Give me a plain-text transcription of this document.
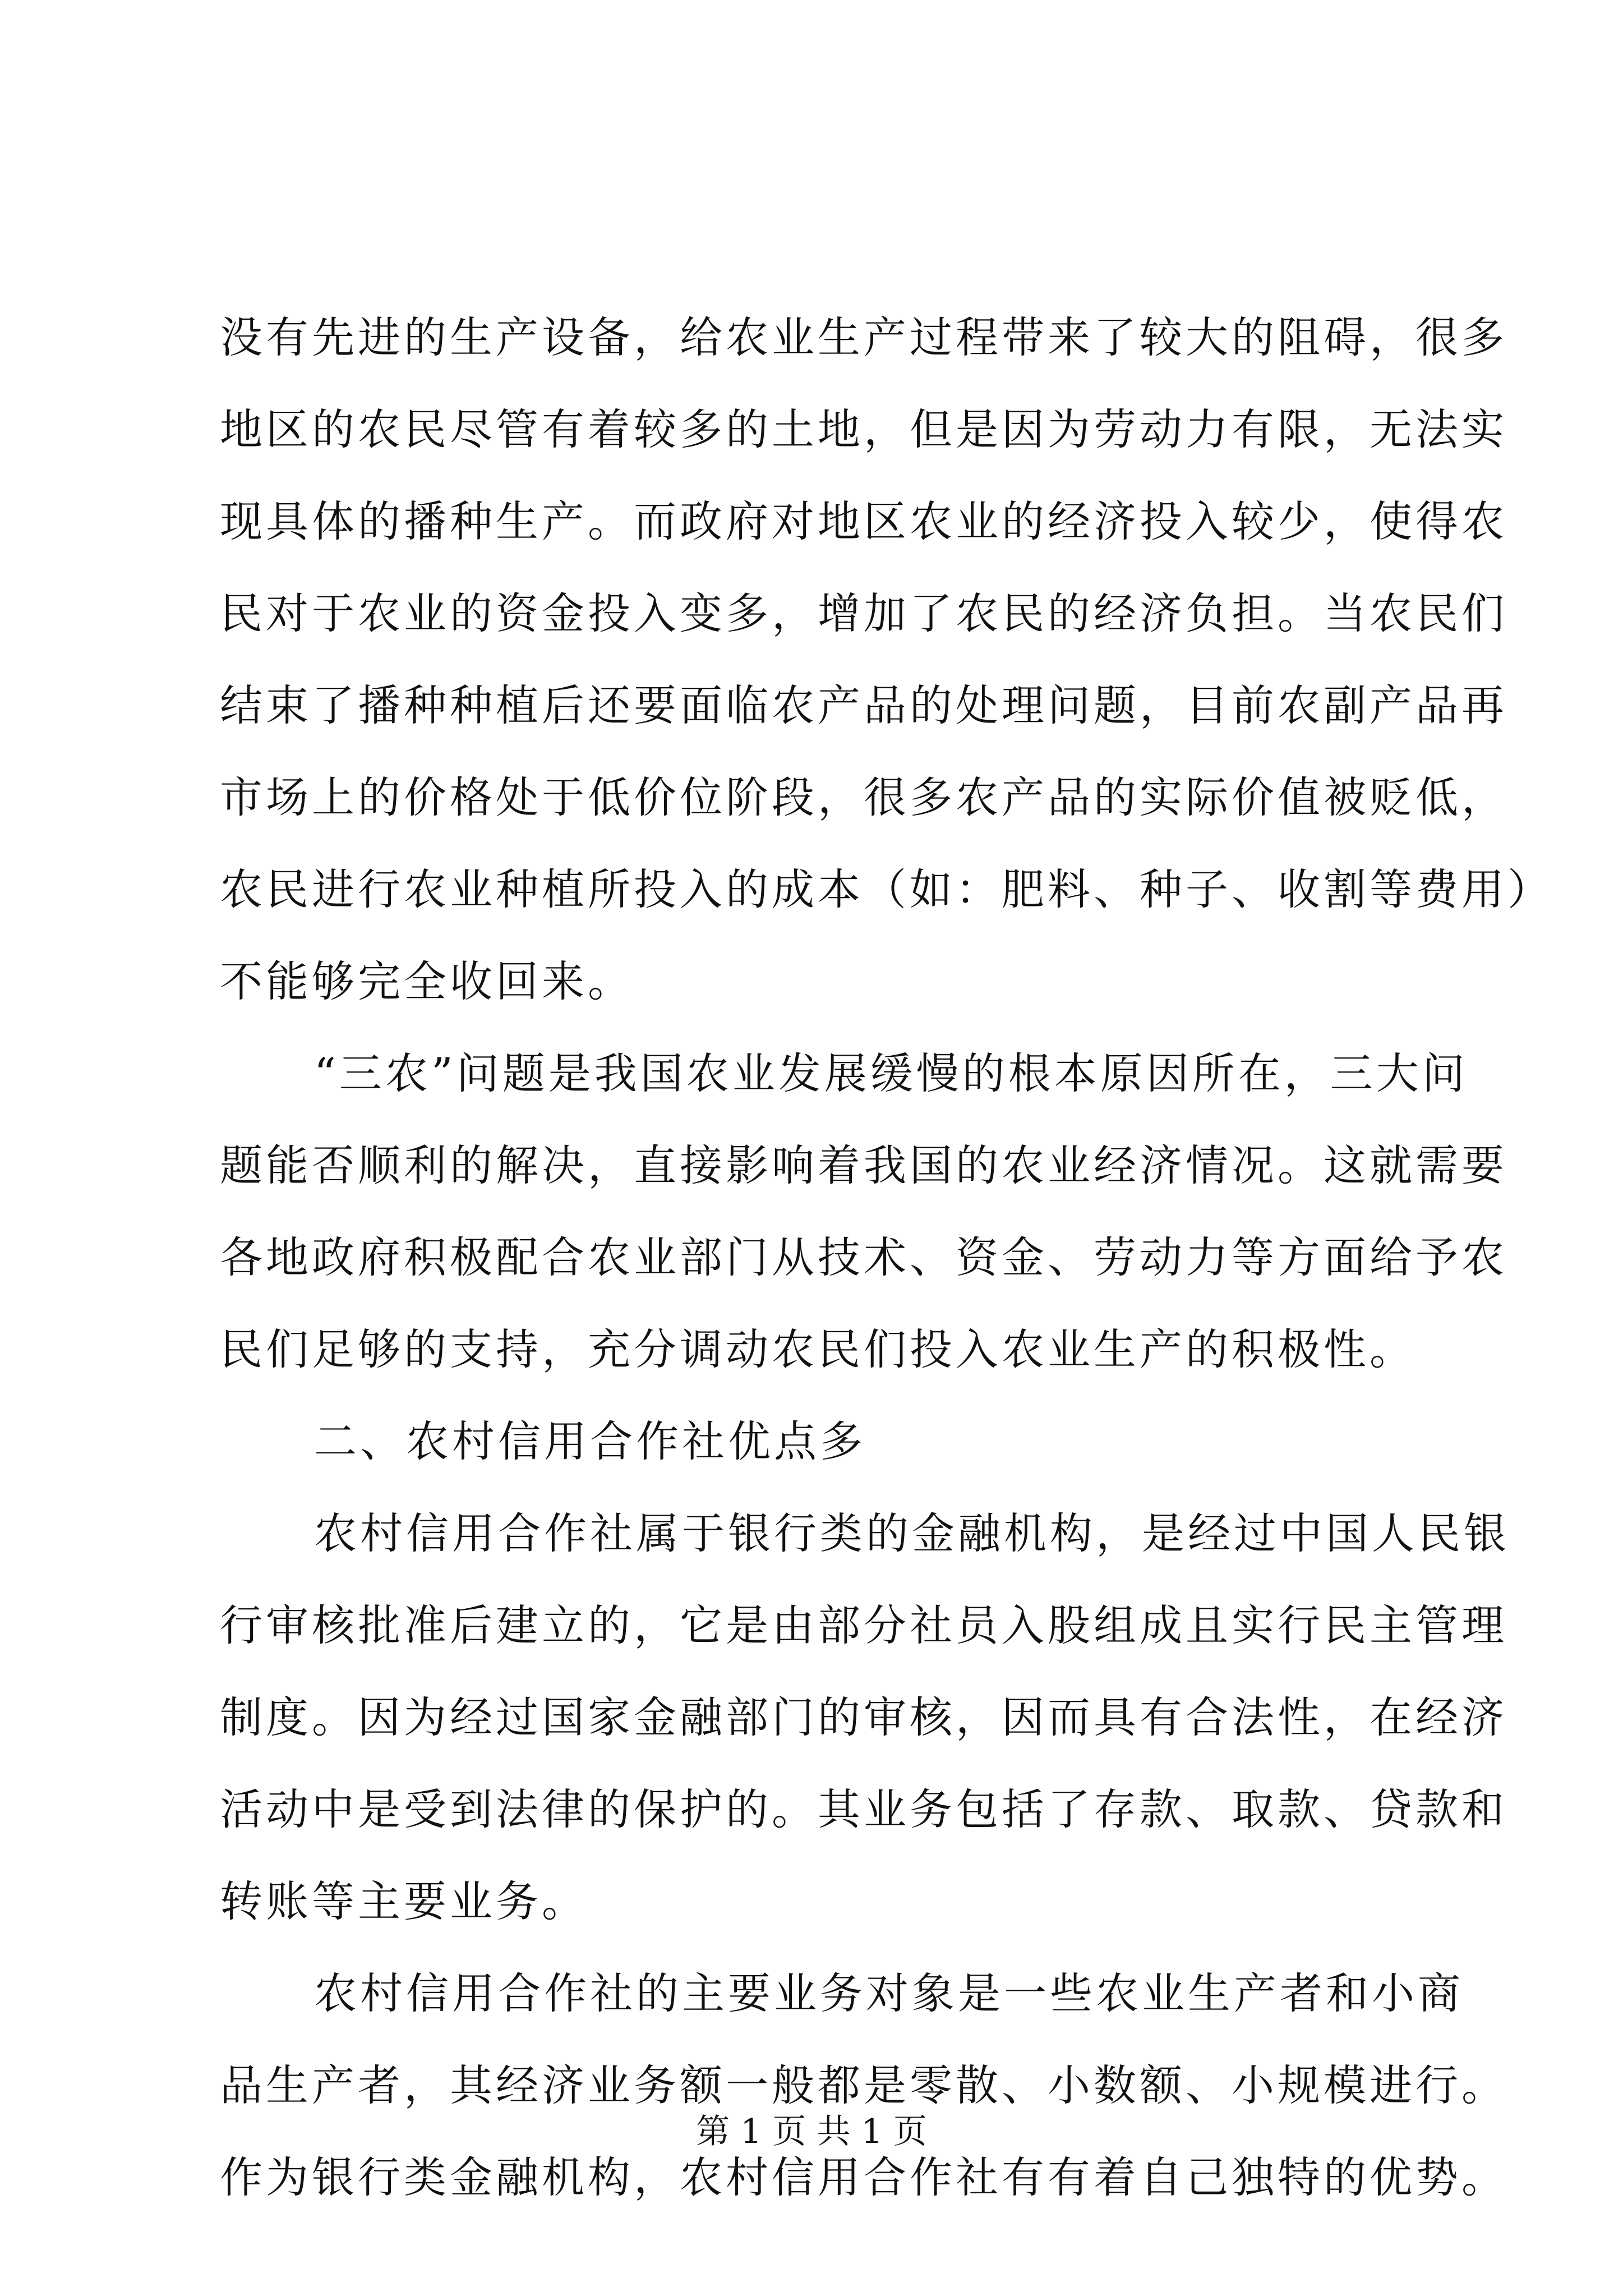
没有先进的生产设备，给农业生产过程带来了较大的阻碍，很多
地区的农民尽管有着较多的土地，但是因为劳动力有限，无法实
现具体的播种生产。而政府对地区农业的经济投入较少，使得农
民对于农业的资金投入变多，增加了农民的经济负担。当农民们
结束了播种种植后还要面临农产品的处理问题，目前农副产品再
市场上的价格处于低价位阶段，很多农产品的实际价值被贬低，
农民进行农业种植所投入的成本（如：肥料、种子、收割等费用）
不能够完全收回来。
“三农”问题是我国农业发展缓慢的根本原因所在，三大问
题能否顺利的解决，直接影响着我国的农业经济情况。这就需要
各地政府积极配合农业部门从技术、资金、劳动力等方面给予农
民们足够的支持，充分调动农民们投入农业生产的积极性。
二、农村信用合作社优点多
农村信用合作社属于银行类的金融机构，是经过中国人民银
行审核批准后建立的，它是由部分社员入股组成且实行民主管理
制度。因为经过国家金融部门的审核，因而具有合法性，在经济
活动中是受到法律的保护的。其业务包括了存款、取款、贷款和
转账等主要业务。
农村信用合作社的主要业务对象是一些农业生产者和小商
品生产者，其经济业务额一般都是零散、小数额、小规模进行。
作为银行类金融机构，农村信用合作社有有着自己独特的优势。
第 1 页 共 1 页
